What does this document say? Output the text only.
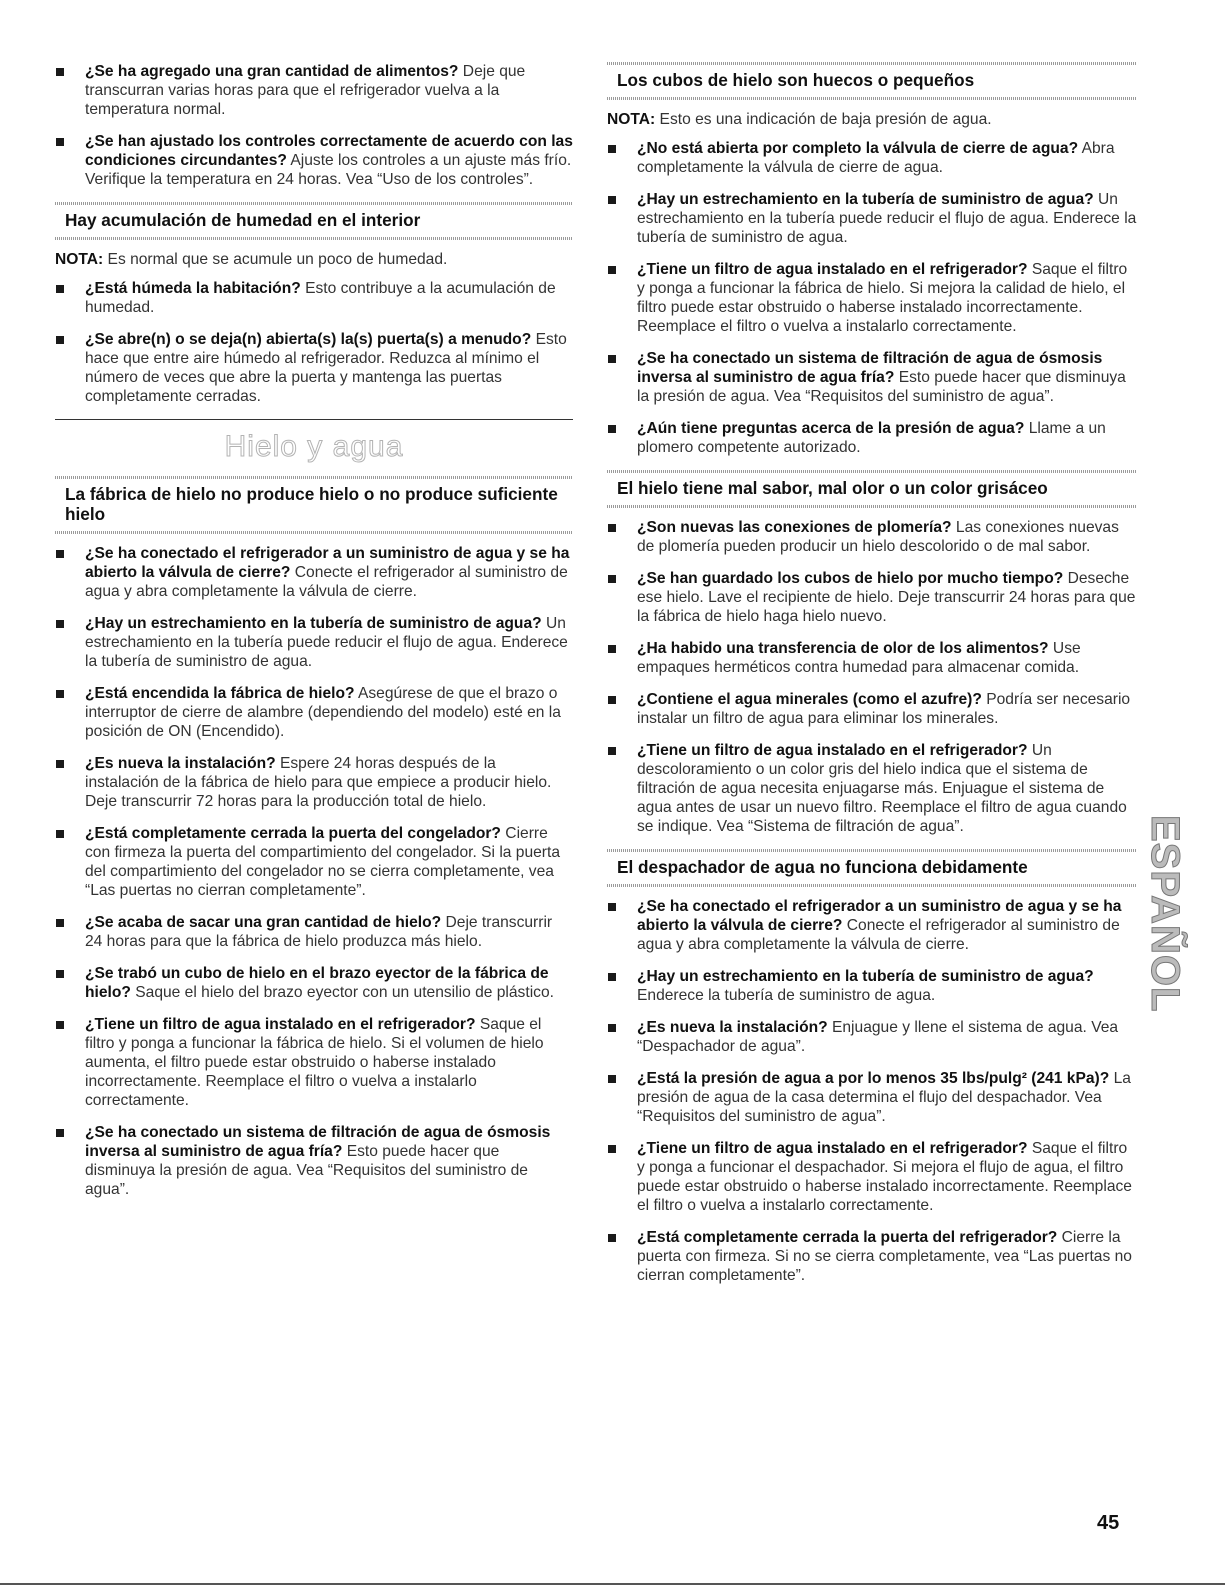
¿Se ha agregado una gran cantidad de alimentos? Deje que transcurran varias horas para que el refrigerador vuelva a la temperatura normal.
¿Se han ajustado los controles correctamente de acuerdo con las condiciones circundantes? Ajuste los controles a un ajuste más frío. Verifique la temperatura en 24 horas. Vea “Uso de los controles”.
Hay acumulación de humedad en el interior
NOTA: Es normal que se acumule un poco de humedad.
¿Está húmeda la habitación? Esto contribuye a la acumulación de humedad.
¿Se abre(n) o se deja(n) abierta(s) la(s) puerta(s) a menudo? Esto hace que entre aire húmedo al refrigerador. Reduzca al mínimo el número de veces que abre la puerta y mantenga las puertas completamente cerradas.
Hielo y agua
La fábrica de hielo no produce hielo o no produce suficiente hielo
¿Se ha conectado el refrigerador a un suministro de agua y se ha abierto la válvula de cierre? Conecte el refrigerador al suministro de agua y abra completamente la válvula de cierre.
¿Hay un estrechamiento en la tubería de suministro de agua? Un estrechamiento en la tubería puede reducir el flujo de agua. Enderece la tubería de suministro de agua.
¿Está encendida la fábrica de hielo? Asegúrese de que el brazo o interruptor de cierre de alambre (dependiendo del modelo) esté en la posición de ON (Encendido).
¿Es nueva la instalación? Espere 24 horas después de la instalación de la fábrica de hielo para que empiece a producir hielo. Deje transcurrir 72 horas para la producción total de hielo.
¿Está completamente cerrada la puerta del congelador? Cierre con firmeza la puerta del compartimiento del congelador. Si la puerta del compartimiento del congelador no se cierra completamente, vea “Las puertas no cierran completamente”.
¿Se acaba de sacar una gran cantidad de hielo? Deje transcurrir 24 horas para que la fábrica de hielo produzca más hielo.
¿Se trabó un cubo de hielo en el brazo eyector de la fábrica de hielo? Saque el hielo del brazo eyector con un utensilio de plástico.
¿Tiene un filtro de agua instalado en el refrigerador? Saque el filtro y ponga a funcionar la fábrica de hielo. Si el volumen de hielo aumenta, el filtro puede estar obstruido o haberse instalado incorrectamente. Reemplace el filtro o vuelva a instalarlo correctamente.
¿Se ha conectado un sistema de filtración de agua de ósmosis inversa al suministro de agua fría? Esto puede hacer que disminuya la presión de agua. Vea “Requisitos del suministro de agua”.
Los cubos de hielo son huecos o pequeños
NOTA: Esto es una indicación de baja presión de agua.
¿No está abierta por completo la válvula de cierre de agua? Abra completamente la válvula de cierre de agua.
¿Hay un estrechamiento en la tubería de suministro de agua? Un estrechamiento en la tubería puede reducir el flujo de agua. Enderece la tubería de suministro de agua.
¿Tiene un filtro de agua instalado en el refrigerador? Saque el filtro y ponga a funcionar la fábrica de hielo. Si mejora la calidad de hielo, el filtro puede estar obstruido o haberse instalado incorrectamente. Reemplace el filtro o vuelva a instalarlo correctamente.
¿Se ha conectado un sistema de filtración de agua de ósmosis inversa al suministro de agua fría? Esto puede hacer que disminuya la presión de agua. Vea “Requisitos del suministro de agua”.
¿Aún tiene preguntas acerca de la presión de agua? Llame a un plomero competente autorizado.
El hielo tiene mal sabor, mal olor o un color grisáceo
¿Son nuevas las conexiones de plomería? Las conexiones nuevas de plomería pueden producir un hielo descolorido o de mal sabor.
¿Se han guardado los cubos de hielo por mucho tiempo? Deseche ese hielo. Lave el recipiente de hielo. Deje transcurrir 24 horas para que la fábrica de hielo haga hielo nuevo.
¿Ha habido una transferencia de olor de los alimentos? Use empaques herméticos contra humedad para almacenar comida.
¿Contiene el agua minerales (como el azufre)? Podría ser necesario instalar un filtro de agua para eliminar los minerales.
¿Tiene un filtro de agua instalado en el refrigerador? Un descoloramiento o un color gris del hielo indica que el sistema de filtración de agua necesita enjuagarse más. Enjuague el sistema de agua antes de usar un nuevo filtro. Reemplace el filtro de agua cuando se indique. Vea “Sistema de filtración de agua”.
El despachador de agua no funciona debidamente
¿Se ha conectado el refrigerador a un suministro de agua y se ha abierto la válvula de cierre? Conecte el refrigerador al suministro de agua y abra completamente la válvula de cierre.
¿Hay un estrechamiento en la tubería de suministro de agua? Enderece la tubería de suministro de agua.
¿Es nueva la instalación? Enjuague y llene el sistema de agua. Vea “Despachador de agua”.
¿Está la presión de agua a por lo menos 35 lbs/pulg² (241 kPa)? La presión de agua de la casa determina el flujo del despachador. Vea “Requisitos del suministro de agua”.
¿Tiene un filtro de agua instalado en el refrigerador? Saque el filtro y ponga a funcionar el despachador. Si mejora el flujo de agua, el filtro puede estar obstruido o haberse instalado incorrectamente. Reemplace el filtro o vuelva a instalarlo correctamente.
¿Está completamente cerrada la puerta del refrigerador? Cierre la puerta con firmeza. Si no se cierra completamente, vea “Las puertas no cierran completamente”.
ESPAÑOL
45
